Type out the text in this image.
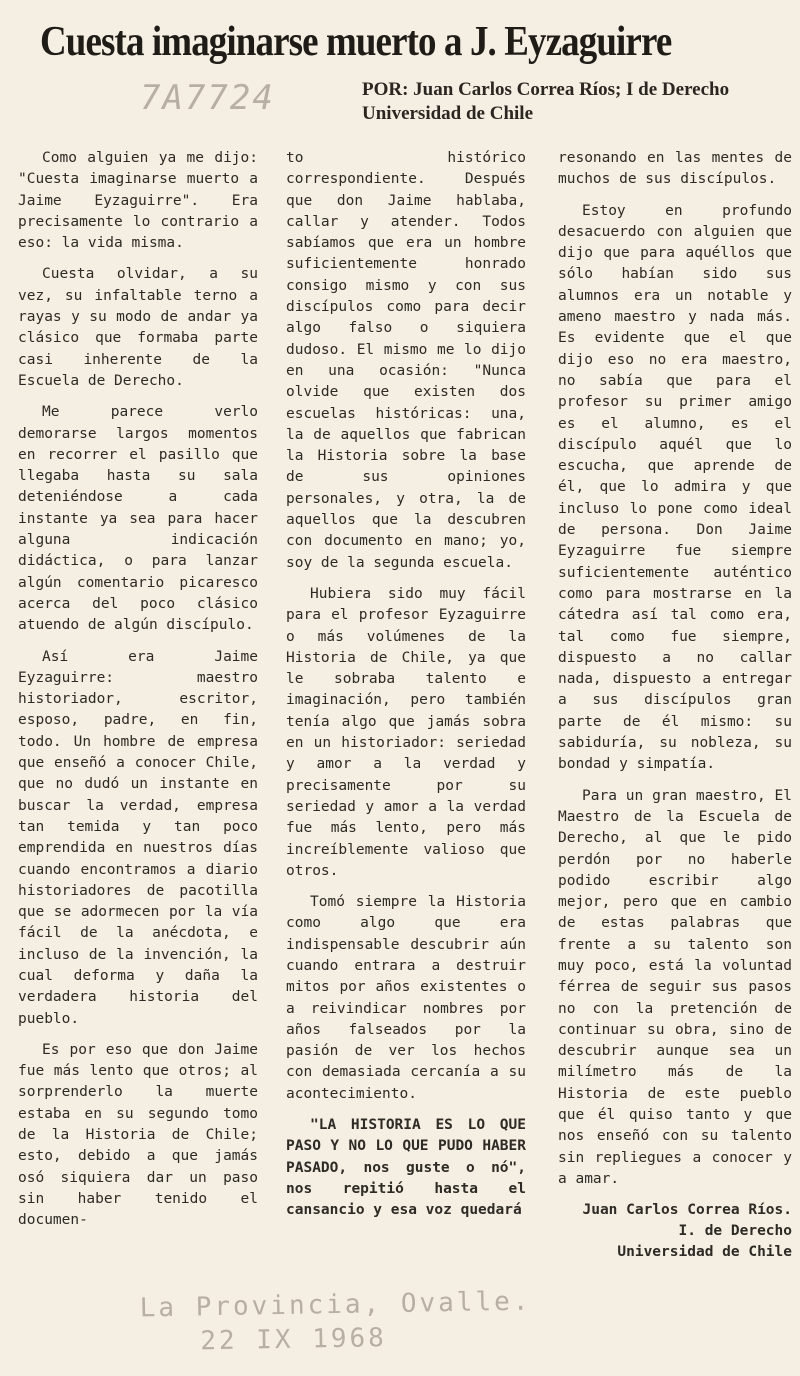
Cuesta imaginarse muerto a J. Eyzaguirre
7A7724	POR: Juan Carlos Correa Ríos; I de Derecho Universidad de Chile

Como alguien ya me dijo: "Cuesta imaginarse muerto a Jaime Eyzaguirre". Era precisamente lo contrario a eso: la vida misma.

Cuesta olvidar, a su vez, su infaltable terno a rayas y su modo de andar ya clásico que formaba parte casi inherente de la Escuela de Derecho.

Me parece verlo demorarse largos momentos en recorrer el pasillo que llegaba hasta su sala deteniéndose a cada instante ya sea para hacer alguna indicación didáctica, o para lanzar algún comentario picaresco acerca del poco clásico atuendo de algún discípulo.

Así era Jaime Eyzaguirre: maestro historiador, escritor, esposo, padre, en fin, todo. Un hombre de empresa que enseñó a conocer Chile, que no dudó un instante en buscar la verdad, empresa tan temida y tan poco emprendida en nuestros días cuando encontramos a diario historiadores de pacotilla que se adormecen por la vía fácil de la anécdota, e incluso de la invención, la cual deforma y daña la verdadera historia del pueblo.

Es por eso que don Jaime fue más lento que otros; al sorprenderlo la muerte estaba en su segundo tomo de la Historia de Chile; esto, debido a que jamás osó siquiera dar un paso sin haber tenido el documen-

to histórico correspondiente. Después que don Jaime hablaba, callar y atender. Todos sabíamos que era un hombre suficientemente honrado consigo mismo y con sus discípulos como para decir algo falso o siquiera dudoso. El mismo me lo dijo en una ocasión: "Nunca olvide que existen dos escuelas históricas: una, la de aquellos que fabrican la Historia sobre la base de sus opiniones personales, y otra, la de aquellos que la descubren con documento en mano; yo, soy de la segunda escuela.

Hubiera sido muy fácil para el profesor Eyzaguirre o más volúmenes de la Historia de Chile, ya que le sobraba talento e imaginación, pero también tenía algo que jamás sobra en un historiador: seriedad y amor a la verdad y precisamente por su seriedad y amor a la verdad fue más lento, pero más increíblemente valioso que otros.

Tomó siempre la Historia como algo que era indispensable descubrir aún cuando entrara a destruir mitos por años existentes o a reivindicar nombres por años falseados por la pasión de ver los hechos con demasiada cercanía a su acontecimiento.

"LA HISTORIA ES LO QUE PASO Y NO LO QUE PUDO HABER PASADO, nos guste o nó", nos repitió hasta el cansancio y esa voz quedará

resonando en las mentes de muchos de sus discípulos.

Estoy en profundo desacuerdo con alguien que dijo que para aquéllos que sólo habían sido sus alumnos era un notable y ameno maestro y nada más. Es evidente que el que dijo eso no era maestro, no sabía que para el profesor su primer amigo es el alumno, es el discípulo aquél que lo escucha, que aprende de él, que lo admira y que incluso lo pone como ideal de persona. Don Jaime Eyzaguirre fue siempre suficientemente auténtico como para mostrarse en la cátedra así tal como era, tal como fue siempre, dispuesto a no callar nada, dispuesto a entregar a sus discípulos gran parte de él mismo: su sabiduría, su nobleza, su bondad y simpatía.

Para un gran maestro, El Maestro de la Escuela de Derecho, al que le pido perdón por no haberle podido escribir algo mejor, pero que en cambio de estas palabras que frente a su talento son muy poco, está la voluntad férrea de seguir sus pasos no con la pretención de continuar su obra, sino de descubrir aunque sea un milímetro más de la Historia de este pueblo que él quiso tanto y que nos enseñó con su talento sin repliegues a conocer y a amar.

Juan Carlos Correa Ríos.
I. de Derecho
Universidad de Chile
La Provincia, Ovalle.
22 IX 1968
